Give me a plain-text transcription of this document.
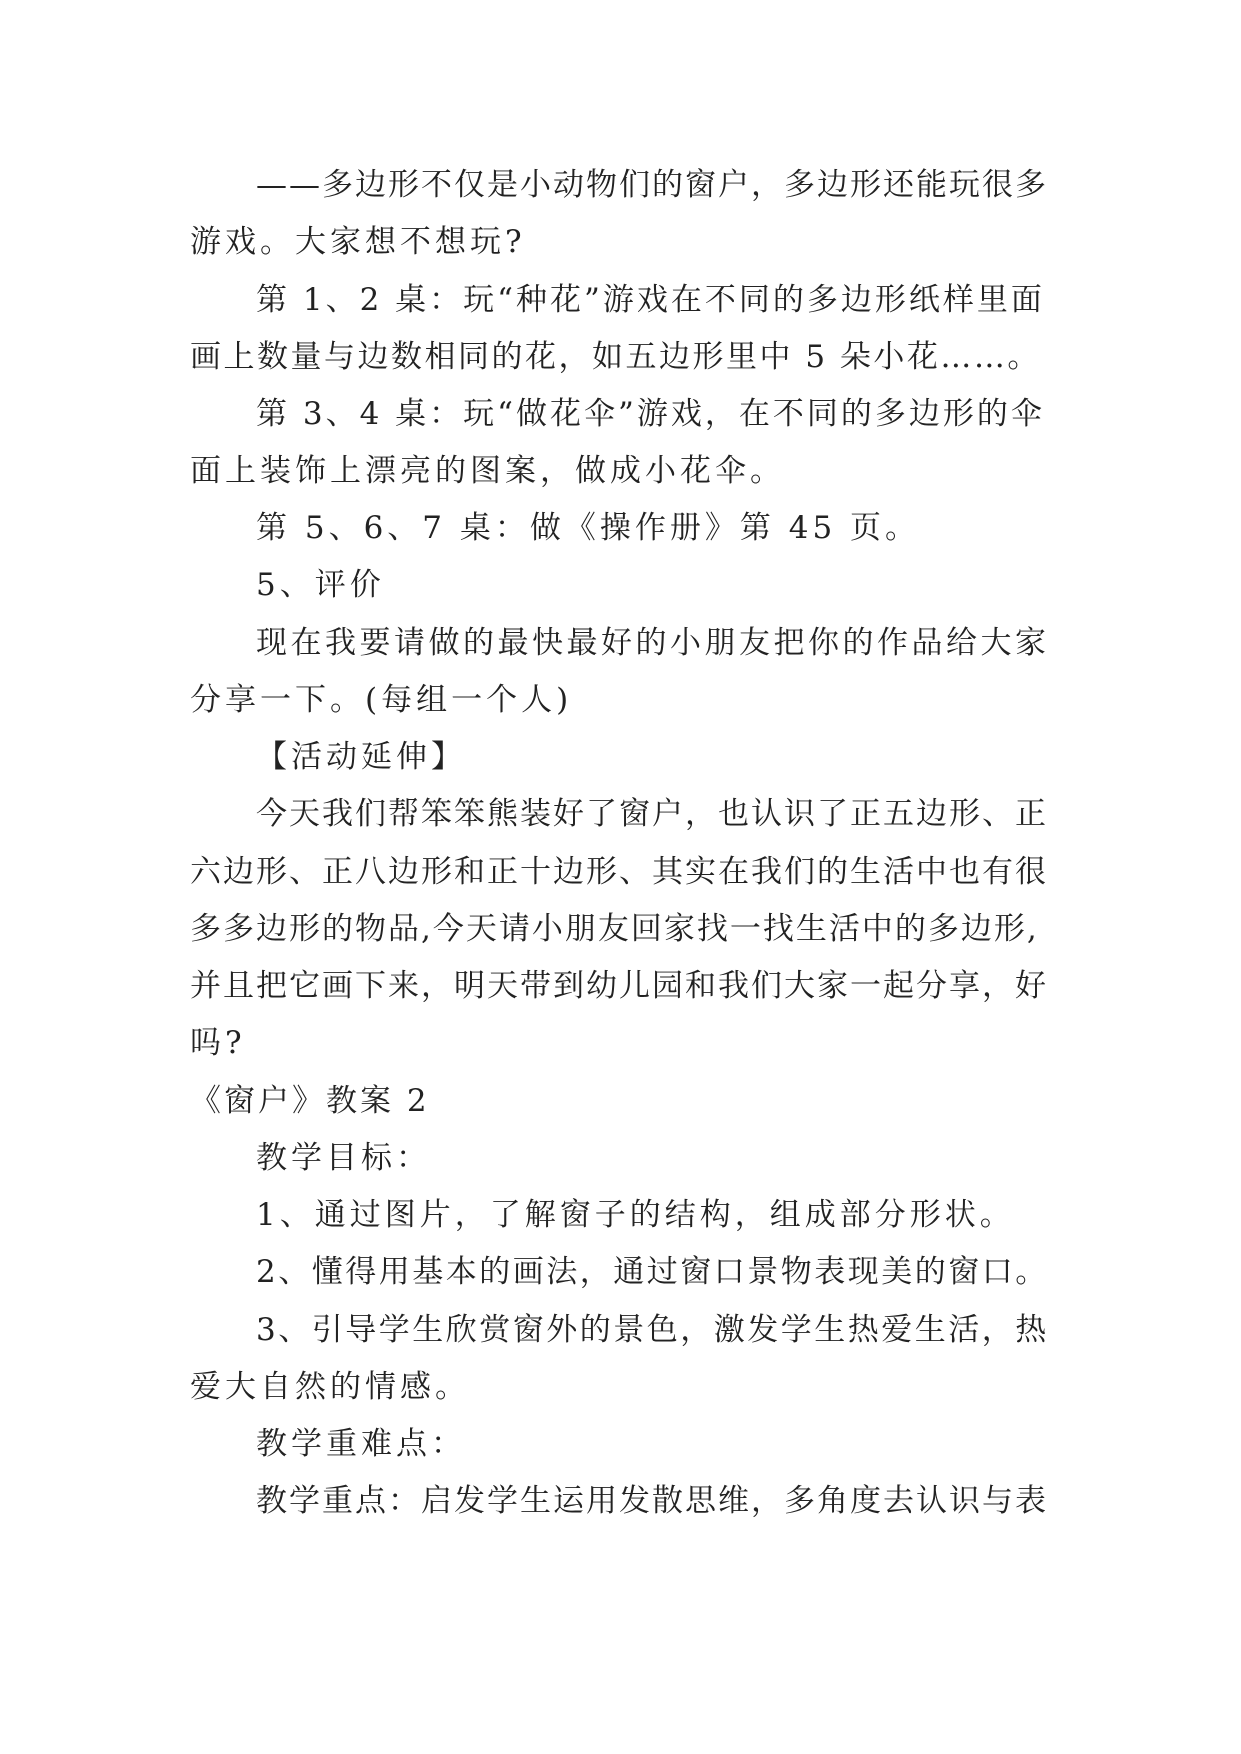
——多边形不仅是小动物们的窗户，多边形还能玩很多
游戏。大家想不想玩?
第 1、2 桌：玩“种花”游戏在不同的多边形纸样里面
画上数量与边数相同的花，如五边形里中 5 朵小花……。
第 3、4 桌：玩“做花伞”游戏，在不同的多边形的伞
面上装饰上漂亮的图案，做成小花伞。
第 5、6、7 桌：做《操作册》第 45 页。
5、评价
现在我要请做的最快最好的小朋友把你的作品给大家
分享一下。(每组一个人)
【活动延伸】
今天我们帮笨笨熊装好了窗户，也认识了正五边形、正
六边形、正八边形和正十边形、其实在我们的生活中也有很
多多边形的物品,今天请小朋友回家找一找生活中的多边形,
并且把它画下来，明天带到幼儿园和我们大家一起分享，好
吗?
《窗户》教案 2
教学目标：
1、通过图片，了解窗子的结构，组成部分形状。
2、懂得用基本的画法，通过窗口景物表现美的窗口。
3、引导学生欣赏窗外的景色，激发学生热爱生活，热
爱大自然的情感。
教学重难点：
教学重点：启发学生运用发散思维，多角度去认识与表
